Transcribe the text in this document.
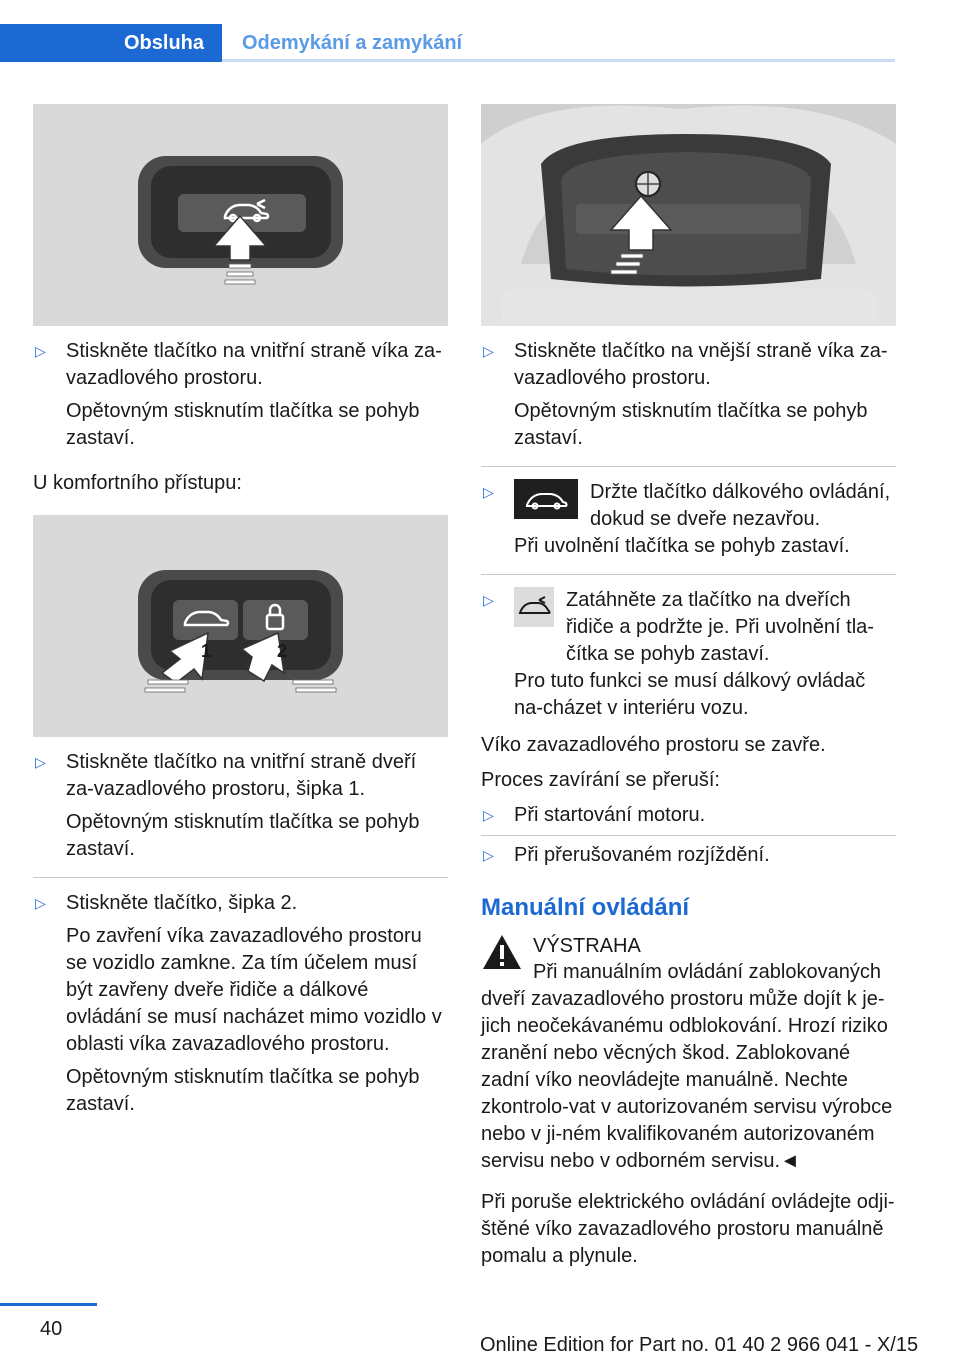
Obsluha Odemykání a zamykání
▷ Stiskněte tlačítko na vnitřní straně víka za-vazadlového prostoru.

Opětovným stisknutím tlačítka se pohyb zastaví.

U komfortního přístupu:

1	2
▷ Stiskněte tlačítko na vnitřní straně dveří za-vazadlového prostoru, šipka 1.

Opětovným stisknutím tlačítka se pohyb zastaví.

▷ Stiskněte tlačítko, šipka 2.

Po zavření víka zavazadlového prostoru se vozidlo zamkne. Za tím účelem musí být zavřeny dveře řidiče a dálkové ovládání se musí nacházet mimo vozidlo v oblasti víka zavazadlového prostoru.

Opětovným stisknutím tlačítka se pohyb zastaví.

▷ Stiskněte tlačítko na vnější straně víka za-vazadlového prostoru.

Opětovným stisknutím tlačítka se pohyb zastaví.

▷	Držte tlačítko dálkového ovládání, dokud se dveře nezavřou.

Při uvolnění tlačítka se pohyb zastaví.

▷	Zatáhněte za tlačítko na dveřích řidiče a podržte je. Při uvolnění tla-čítka se pohyb zastaví.

Pro tuto funkci se musí dálkový ovládač na-cházet v interiéru vozu.

Víko zavazadlového prostoru se zavře.

Proces zavírání se přeruší:

▷ Při startování motoru.

▷ Při přerušovaném rozjíždění.

Manuální ovládání

VÝSTRAHA

Při manuálním ovládání zablokovaných dveří zavazadlového prostoru může dojít k je-jich neočekávanému odblokování. Hrozí riziko zranění nebo věcných škod. Zablokované zadní víko neovládejte manuálně. Nechte zkontrolo-vat v autorizovaném servisu výrobce nebo v ji-ném kvalifikovaném autorizovaném servisu nebo v odborném servisu.◄

Při poruše elektrického ovládání ovládejte odji-štěné víko zavazadlového prostoru manuálně pomalu a plynule.

40
Online Edition for Part no. 01 40 2 966 041 - X/15
